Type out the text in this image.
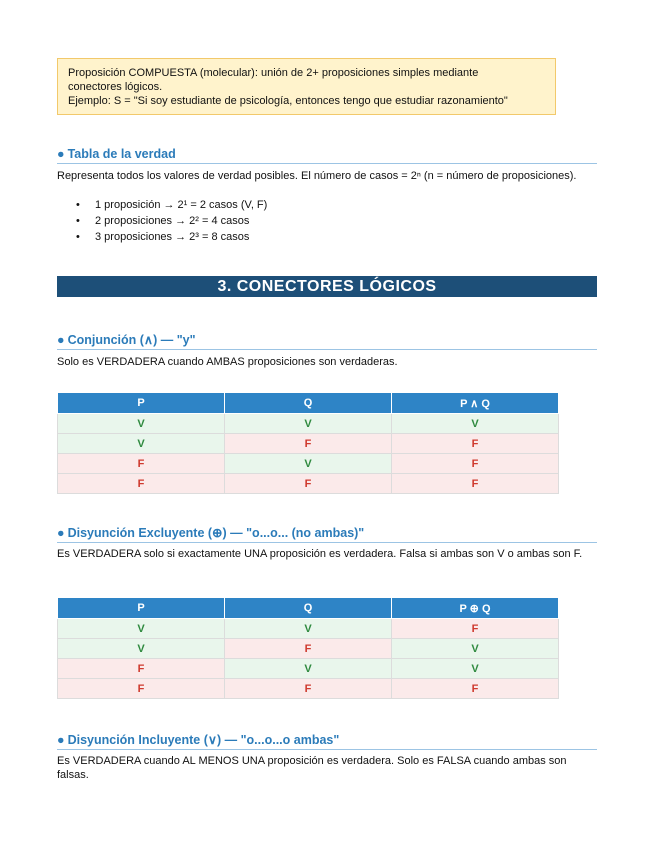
Proposición COMPUESTA (molecular): unión de 2+ proposiciones simples mediante

conectores lógicos.

Ejemplo: S = "Si soy estudiante de psicología, entonces tengo que estudiar razonamiento"

● Tabla de la verdad

Representa todos los valores de verdad posibles. El número de casos = 2ⁿ (n = número de proposiciones).

• 1 proposición → 2¹ = 2 casos (V, F)
• 2 proposiciones → 2² = 4 casos
• 3 proposiciones → 2³ = 8 casos
3. CONECTORES LÓGICOS
● Conjunción (∧) — "y"

Solo es VERDADERA cuando AMBAS proposiciones son verdaderas.

P	Q	P ∧ Q
V	V	V
V	F	F
F	V	F
F	F	F
● Disyunción Excluyente (⊕) — "o...o... (no ambas)"

Es VERDADERA solo si exactamente UNA proposición es verdadera. Falsa si ambas son V o ambas son F.

P	Q	P ⊕ Q
V	V	F
V	F	V
F	V	V
F	F	F
● Disyunción Incluyente (∨) — "o...o...o ambas"

Es VERDADERA cuando AL MENOS UNA proposición es verdadera. Solo es FALSA cuando ambas son falsas.
